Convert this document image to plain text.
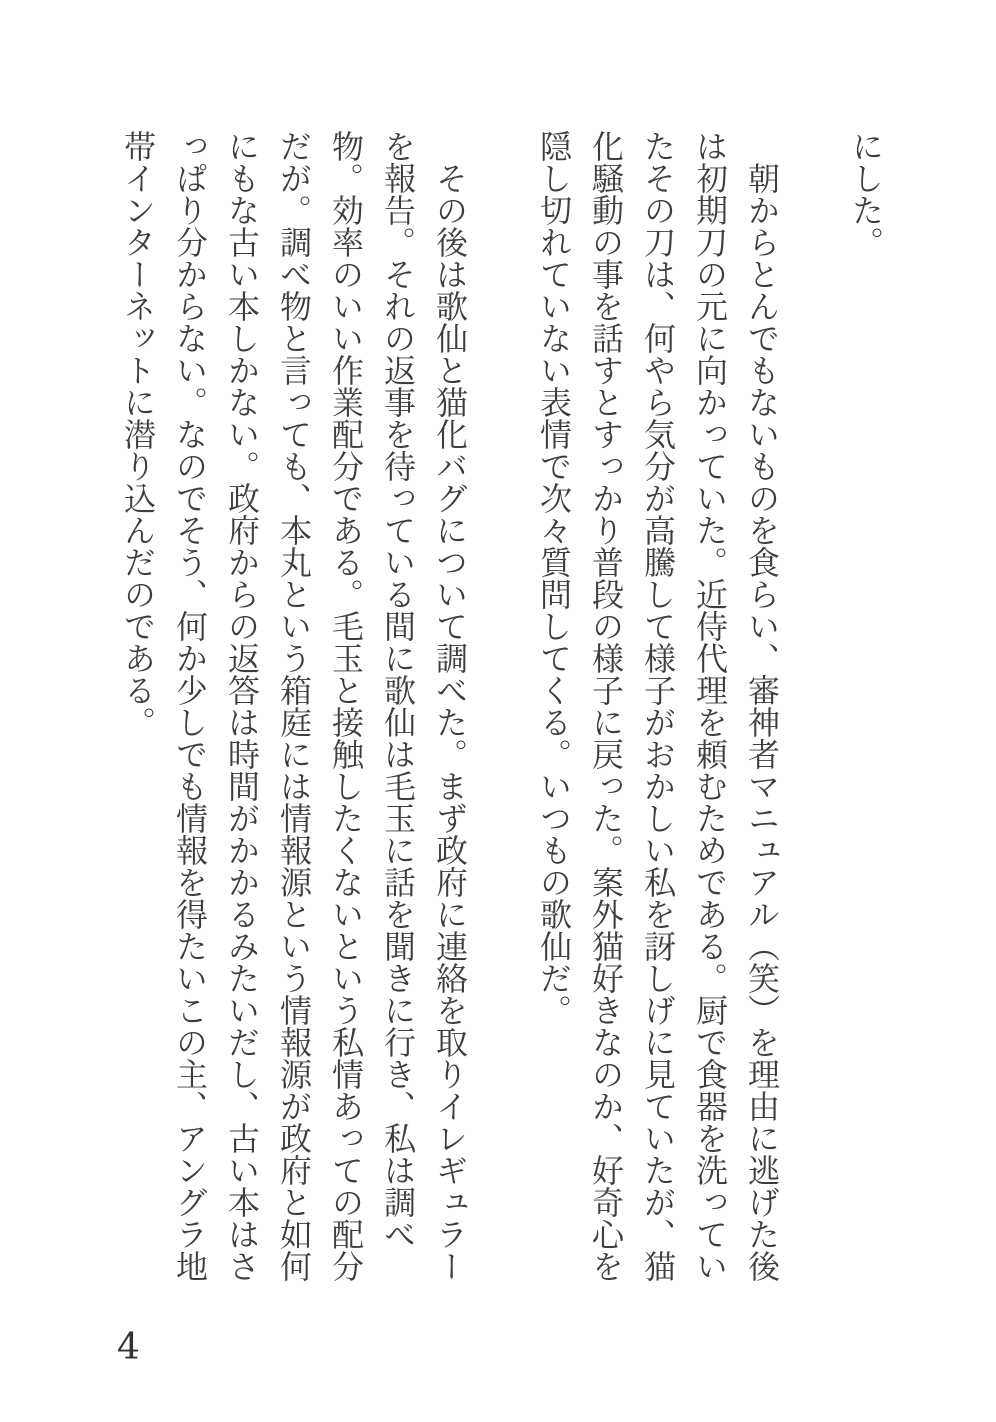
にした。

朝からとんでもないものを食らい、審神者マニュアル（笑）を理由に逃げた後は初期刀の元に向かっていた。近侍代理を頼むためである。厨で食器を洗っていたその刀は、何やら気分が高騰して様子がおかしい私を訝しげに見ていたが、猫化騒動の事を話すとすっかり普段の様子に戻った。案外猫好きなのか、好奇心を隠し切れていない表情で次々質問してくる。いつもの歌仙だ。

その後は歌仙と猫化バグについて調べた。まず政府に連絡を取りイレギュラーを報告。それの返事を待っている間に歌仙は毛玉に話を聞きに行き、私は調べ物。効率のいい作業配分である。毛玉と接触したくないという私情あっての配分だが。調べ物と言っても、本丸という箱庭には情報源という情報源が政府と如何にもな古い本しかない。政府からの返答は時間がかかるみたいだし、古い本はさっぱり分からない。なのでそう、何か少しでも情報を得たいこの主、アングラ地帯インターネットに潜り込んだのである。

4
